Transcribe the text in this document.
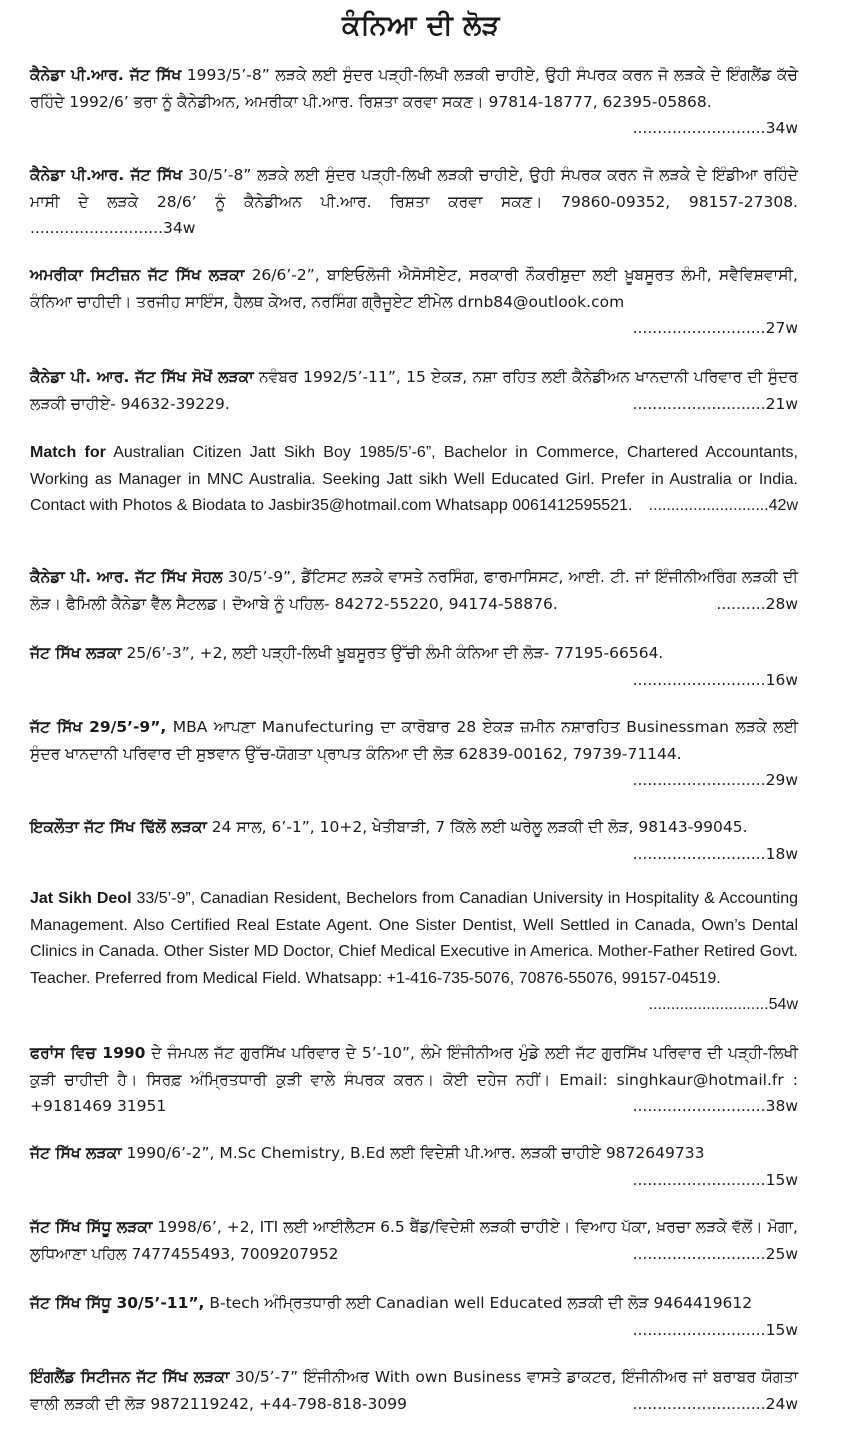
ਕੰਨਿਆ ਦੀ ਲੋੜ

ਕੈਨੇਡਾ ਪੀ.ਆਰ. ਜੱਟ ਸਿੱਖ 1993/5’-8” ਲੜਕੇ ਲਈ ਸੁੰਦਰ ਪੜ੍ਹੀ-ਲਿਖੀ ਲੜਕੀ ਚਾਹੀਏ, ਉਹੀ ਸੰਪਰਕ ਕਰਨ ਜੋ ਲੜਕੇ ਦੇ ਇੰਗਲੈਂਡ ਕੱਚੇ ਰਹਿੰਦੇ 1992/6’ ਭਰਾ ਨੂੰ ਕੈਨੇਡੀਅਨ, ਅਮਰੀਕਾ ਪੀ.ਆਰ. ਰਿਸ਼ਤਾ ਕਰਵਾ ਸਕਣ। 97814-18777, 62395-05868.
...........................34w

ਕੈਨੇਡਾ ਪੀ.ਆਰ. ਜੱਟ ਸਿੱਖ 30/5’-8” ਲੜਕੇ ਲਈ ਸੁੰਦਰ ਪੜ੍ਹੀ-ਲਿਖੀ ਲੜਕੀ ਚਾਹੀਏ, ਉਹੀ ਸੰਪਰਕ ਕਰਨ ਜੋ ਲੜਕੇ ਦੇ ਇੰਡੀਆ ਰਹਿੰਦੇ ਮਾਸੀ ਦੇ ਲੜਕੇ 28/6’ ਨੂੰ ਕੈਨੇਡੀਅਨ ਪੀ.ਆਰ. ਰਿਸ਼ਤਾ ਕਰਵਾ ਸਕਣ। 79860-09352, 98157-27308. ...........................34w

ਅਮਰੀਕਾ ਸਿਟੀਜ਼ਨ ਜੱਟ ਸਿੱਖ ਲੜਕਾ 26/6’-2”, ਬਾਇਓਲੋਜੀ ਐਸੋਸੀਏਟ, ਸਰਕਾਰੀ ਨੌਕਰੀਸ਼ੁਦਾ ਲਈ ਖ਼ੂਬਸੂਰਤ ਲੰਮੀ, ਸਵੈਵਿਸ਼ਵਾਸੀ, ਕੰਨਿਆ ਚਾਹੀਦੀ। ਤਰਜੀਹ ਸਾਇੰਸ, ਹੈਲਥ ਕੇਅਰ, ਨਰਸਿੰਗ ਗ੍ਰੈਜੂਏਟ ਈਮੇਲ drnb84@outlook.com
...........................27w

ਕੈਨੇਡਾ ਪੀ. ਆਰ. ਜੱਟ ਸਿੱਖ ਸੋਖੋਂ ਲੜਕਾ ਨਵੰਬਰ 1992/5’-11”, 15 ਏਕੜ, ਨਸ਼ਾ ਰਹਿਤ ਲਈ ਕੈਨੇਡੀਅਨ ਖਾਨਦਾਨੀ ਪਰਿਵਾਰ ਦੀ ਸੁੰਦਰ ਲੜਕੀ ਚਾਹੀਏ- 94632-39229.	...........................21w

Match for Australian Citizen Jatt Sikh Boy 1985/5’-6”, Bachelor in Commerce, Chartered Accountants, Working as Manager in MNC Australia. Seeking Jatt sikh Well Educated Girl. Prefer in Australia or India. Contact with Photos & Biodata to Jasbir35@hotmail.com Whatsapp 0061412595521. ...........................42w

ਕੈਨੇਡਾ ਪੀ. ਆਰ. ਜੱਟ ਸਿੱਖ ਸੋਹਲ 30/5’-9”, ਡੈਂਟਿਸਟ ਲੜਕੇ ਵਾਸਤੇ ਨਰਸਿੰਗ, ਫਾਰਮਾਸਿਸਟ, ਆਈ. ਟੀ. ਜਾਂ ਇੰਜੀਨੀਅਰਿੰਗ ਲੜਕੀ ਦੀ ਲੋੜ। ਫੈਮਿਲੀ ਕੈਨੇਡਾ ਵੈੱਲ ਸੈਟਲਡ। ਦੋਆਬੇ ਨੂੰ ਪਹਿਲ- 84272-55220, 94174-58876.	..........28w

ਜੱਟ ਸਿੱਖ ਲੜਕਾ 25/6’-3”, +2, ਲਈ ਪੜ੍ਹੀ-ਲਿਖੀ ਖ਼ੂਬਸੂਰਤ ਉੱਚੀ ਲੰਮੀ ਕੰਨਿਆ ਦੀ ਲੋੜ- 77195-66564.
...........................16w

ਜੱਟ ਸਿੱਖ 29/5’-9”, MBA ਆਪਣਾ Manufecturing ਦਾ ਕਾਰੋਬਾਰ 28 ਏਕੜ ਜ਼ਮੀਨ ਨਸ਼ਾਰਹਿਤ Businessman ਲੜਕੇ ਲਈ ਸੁੰਦਰ ਖਾਨਦਾਨੀ ਪਰਿਵਾਰ ਦੀ ਸੁਝਵਾਨ ਉੱਚ-ਯੋਗਤਾ ਪ੍ਰਾਪਤ ਕੰਨਿਆ ਦੀ ਲੋੜ 62839-00162, 79739-71144.
...........................29w

ਇਕਲੌਤਾ ਜੱਟ ਸਿੱਖ ਢਿੱਲੋਂ ਲੜਕਾ 24 ਸਾਲ, 6’-1”, 10+2, ਖੇਤੀਬਾੜੀ, 7 ਕਿੱਲੇ ਲਈ ਘਰੇਲੂ ਲੜਕੀ ਦੀ ਲੋੜ, 98143-99045.
...........................18w

Jat Sikh Deol 33/5’-9”, Canadian Resident, Bechelors from Canadian University in Hospitality & Accounting Management. Also Certified Real Estate Agent. One Sister Dentist, Well Settled in Canada, Own’s Dental Clinics in Canada. Other Sister MD Doctor, Chief Medical Executive in America. Mother-Father Retired Govt. Teacher. Preferred from Medical Field. Whatsapp: +1-416-735-5076, 70876-55076, 99157-04519.
...........................54w

ਫਰਾਂਸ ਵਿਚ 1990 ਦੇ ਜੰਮਪਲ ਜੱਟ ਗੁਰਸਿੱਖ ਪਰਿਵਾਰ ਦੇ 5’-10”, ਲੰਮੇ ਇੰਜੀਨੀਅਰ ਮੁੰਡੇ ਲਈ ਜੱਟ ਗੁਰਸਿੱਖ ਪਰਿਵਾਰ ਦੀ ਪੜ੍ਹੀ-ਲਿਖੀ ਕੁੜੀ ਚਾਹੀਦੀ ਹੈ। ਸਿਰਫ਼ ਅੰਮ੍ਰਿਤਧਾਰੀ ਕੁੜੀ ਵਾਲੇ ਸੰਪਰਕ ਕਰਨ। ਕੋਈ ਦਹੇਜ ਨਹੀਂ। Email: singhkaur@hotmail.fr : +9181469 31951	...........................38w

ਜੱਟ ਸਿੱਖ ਲੜਕਾ 1990/6’-2”, M.Sc Chemistry, B.Ed ਲਈ ਵਿਦੇਸ਼ੀ ਪੀ.ਆਰ. ਲੜਕੀ ਚਾਹੀਏ 9872649733
...........................15w

ਜੱਟ ਸਿੱਖ ਸਿੱਧੂ ਲੜਕਾ 1998/6’, +2, ITI ਲਈ ਆਈਲੈਟਸ 6.5 ਬੈਂਡ/ਵਿਦੇਸ਼ੀ ਲੜਕੀ ਚਾਹੀਏ। ਵਿਆਹ ਪੱਕਾ, ਖ਼ਰਚਾ ਲੜਕੇ ਵੱਲੋਂ। ਮੋਗਾ, ਲੁਧਿਆਣਾ ਪਹਿਲ 7477455493, 7009207952	...........................25w

ਜੱਟ ਸਿੱਖ ਸਿੱਧੂ 30/5’-11”, B-tech ਅੰਮ੍ਰਿਤਧਾਰੀ ਲਈ Canadian well Educated ਲੜਕੀ ਦੀ ਲੋੜ 9464419612
...........................15w

ਇੰਗਲੈਂਡ ਸਿਟੀਜਨ ਜੱਟ ਸਿੱਖ ਲੜਕਾ 30/5’-7” ਇੰਜੀਨੀਅਰ With own Business ਵਾਸਤੇ ਡਾਕਟਰ, ਇੰਜੀਨੀਅਰ ਜਾਂ ਬਰਾਬਰ ਯੋਗਤਾ ਵਾਲੀ ਲੜਕੀ ਦੀ ਲੋੜ 9872119242, +44-798-818-3099	...........................24w
